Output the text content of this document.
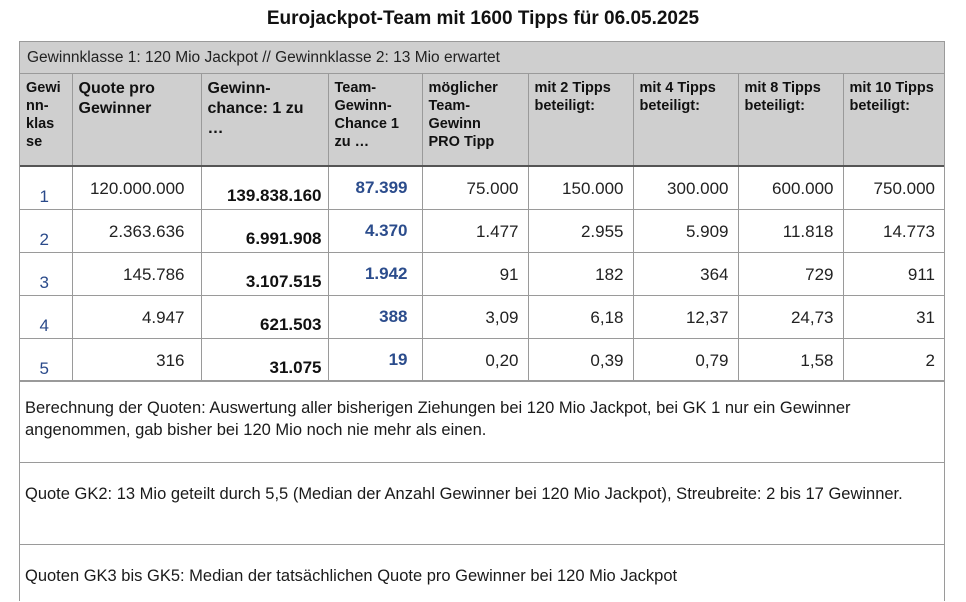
Eurojackpot-Team mit 1600 Tipps für 06.05.2025
Gewinnklasse 1: 120 Mio Jackpot // Gewinnklasse 2: 13 Mio erwartet
Gewi nn- klas se	Quote pro Gewinner	Gewinn- chance: 1 zu …	Team- Gewinn- Chance 1 zu …	möglicher Team- Gewinn PRO Tipp	mit 2 Tipps beteiligt:	mit 4 Tipps beteiligt:	mit 8 Tipps beteiligt:	mit 10 Tipps beteiligt:

1	120.000.000	139.838.160	87.399	75.000	150.000	300.000	600.000	750.000
2	2.363.636	6.991.908	4.370	1.477	2.955	5.909	11.818	14.773
3	145.786	3.107.515	1.942	91	182	364	729	911
4	4.947	621.503	388	3,09	6,18	12,37	24,73	31
5	316	31.075	19	0,20	0,39	0,79	1,58	2
Berechnung der Quoten: Auswertung aller bisherigen Ziehungen bei 120 Mio Jackpot, bei GK 1 nur ein Gewinner angenommen, gab bisher bei 120 Mio noch nie mehr als einen.
Quote GK2: 13 Mio geteilt durch 5,5 (Median der Anzahl Gewinner bei 120 Mio Jackpot), Streubreite: 2 bis 17 Gewinner.
Quoten GK3 bis GK5: Median der tatsächlichen Quote pro Gewinner bei 120 Mio Jackpot
